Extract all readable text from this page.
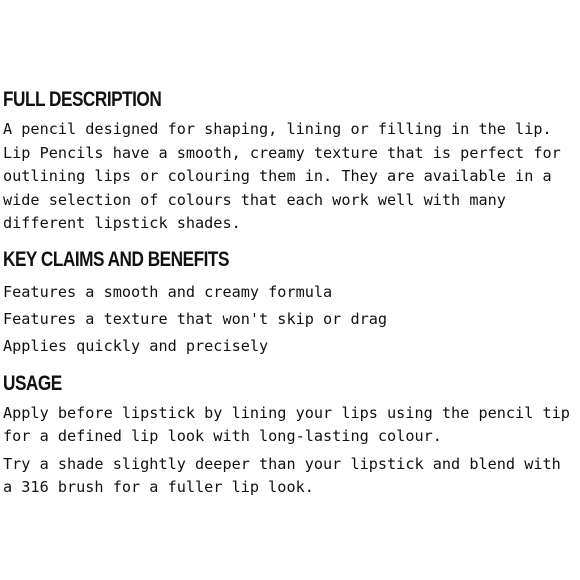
FULL DESCRIPTION
A pencil designed for shaping, lining or filling in the lip.
Lip Pencils have a smooth, creamy texture that is perfect for
outlining lips or colouring them in. They are available in a
wide selection of colours that each work well with many
different lipstick shades.
KEY CLAIMS AND BENEFITS
Features a smooth and creamy formula
Features a texture that won't skip or drag
Applies quickly and precisely
USAGE
Apply before lipstick by lining your lips using the pencil tip
for a defined lip look with long-lasting colour.
Try a shade slightly deeper than your lipstick and blend with
a 316 brush for a fuller lip look.
